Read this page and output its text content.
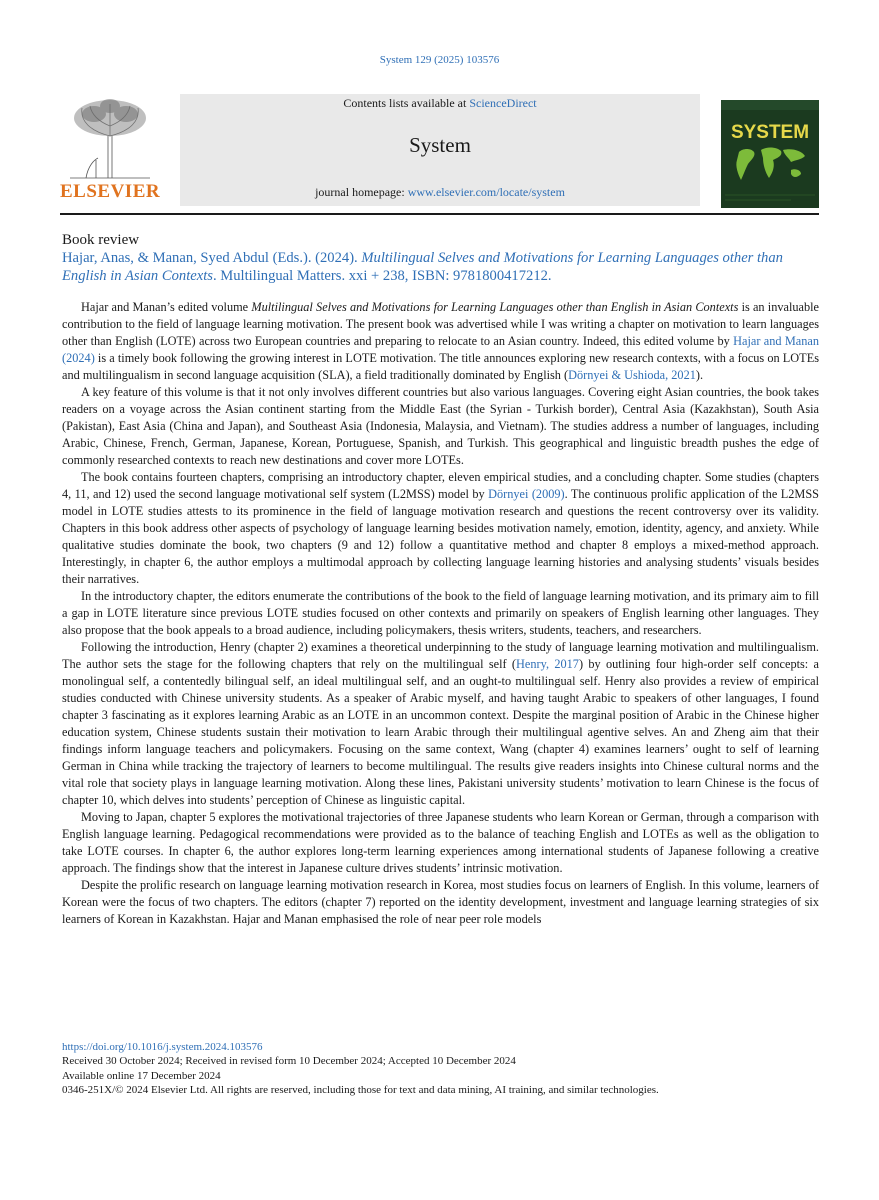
System 129 (2025) 103576
ELSEVIER
Contents lists available at ScienceDirect
System
journal homepage: www.elsevier.com/locate/system
SYSTEM
Book review
Hajar, Anas, & Manan, Syed Abdul (Eds.). (2024). Multilingual Selves and Motivations for Learning Languages other than English in Asian Contexts. Multilingual Matters. xxi + 238, ISBN: 9781800417212.

Hajar and Manan’s edited volume Multilingual Selves and Motivations for Learning Languages other than English in Asian Contexts is an invaluable contribution to the field of language learning motivation. The present book was advertised while I was writing a chapter on motivation to learn languages other than English (LOTE) across two European countries and preparing to relocate to an Asian country. Indeed, this edited volume by Hajar and Manan (2024) is a timely book following the growing interest in LOTE motivation. The title announces exploring new research contexts, with a focus on LOTEs and multilingualism in second language acquisition (SLA), a field traditionally dominated by English (Dörnyei & Ushioda, 2021).

A key feature of this volume is that it not only involves different countries but also various languages. Covering eight Asian countries, the book takes readers on a voyage across the Asian continent starting from the Middle East (the Syrian - Turkish border), Central Asia (Kazakhstan), South Asia (Pakistan), East Asia (China and Japan), and Southeast Asia (Indonesia, Malaysia, and Vietnam). The studies address a number of languages, including Arabic, Chinese, French, German, Japanese, Korean, Portuguese, Spanish, and Turkish. This geographical and linguistic breadth pushes the edge of commonly researched contexts to reach new destinations and cover more LOTEs.

The book contains fourteen chapters, comprising an introductory chapter, eleven empirical studies, and a concluding chapter. Some studies (chapters 4, 11, and 12) used the second language motivational self system (L2MSS) model by Dörnyei (2009). The continuous prolific application of the L2MSS model in LOTE studies attests to its prominence in the field of language motivation research and questions the recent controversy over its validity. Chapters in this book address other aspects of psychology of language learning besides motivation namely, emotion, identity, agency, and anxiety. While qualitative studies dominate the book, two chapters (9 and 12) follow a quantitative method and chapter 8 employs a mixed-method approach. Interestingly, in chapter 6, the author employs a multimodal approach by collecting language learning histories and analysing students’ visuals besides their narratives.

In the introductory chapter, the editors enumerate the contributions of the book to the field of language learning motivation, and its primary aim to fill a gap in LOTE literature since previous LOTE studies focused on other contexts and primarily on speakers of English learning other languages. They also propose that the book appeals to a broad audience, including policymakers, thesis writers, students, teachers, and researchers.

Following the introduction, Henry (chapter 2) examines a theoretical underpinning to the study of language learning motivation and multilingualism. The author sets the stage for the following chapters that rely on the multilingual self (Henry, 2017) by outlining four high-order self concepts: a monolingual self, a contentedly bilingual self, an ideal multilingual self, and an ought-to multilingual self. Henry also provides a review of empirical studies conducted with Chinese university students. As a speaker of Arabic myself, and having taught Arabic to speakers of other languages, I found chapter 3 fascinating as it explores learning Arabic as an LOTE in an uncommon context. Despite the marginal position of Arabic in the Chinese higher education system, Chinese students sustain their motivation to learn Arabic through their multilingual agentive selves. An and Zheng aim that their findings inform language teachers and policymakers. Focusing on the same context, Wang (chapter 4) examines learners’ ought to self of learning German in China while tracking the trajectory of learners to become multilingual. The results give readers insights into Chinese cultural norms and the vital role that society plays in language learning motivation. Along these lines, Pakistani university students’ motivation to learn Chinese is the focus of chapter 10, which delves into students’ perception of Chinese as linguistic capital.

Moving to Japan, chapter 5 explores the motivational trajectories of three Japanese students who learn Korean or German, through a comparison with English language learning. Pedagogical recommendations were provided as to the balance of teaching English and LOTEs as well as the obligation to take LOTE courses. In chapter 6, the author explores long-term learning experiences among international students of Japanese following a creative approach. The findings show that the interest in Japanese culture drives students’ intrinsic motivation.

Despite the prolific research on language learning motivation research in Korea, most studies focus on learners of English. In this volume, learners of Korean were the focus of two chapters. The editors (chapter 7) reported on the identity development, investment and language learning strategies of six learners of Korean in Kazakhstan. Hajar and Manan emphasised the role of near peer role models

https://doi.org/10.1016/j.system.2024.103576
Received 30 October 2024; Received in revised form 10 December 2024; Accepted 10 December 2024
Available online 17 December 2024
0346-251X/© 2024 Elsevier Ltd. All rights are reserved, including those for text and data mining, AI training, and similar technologies.
